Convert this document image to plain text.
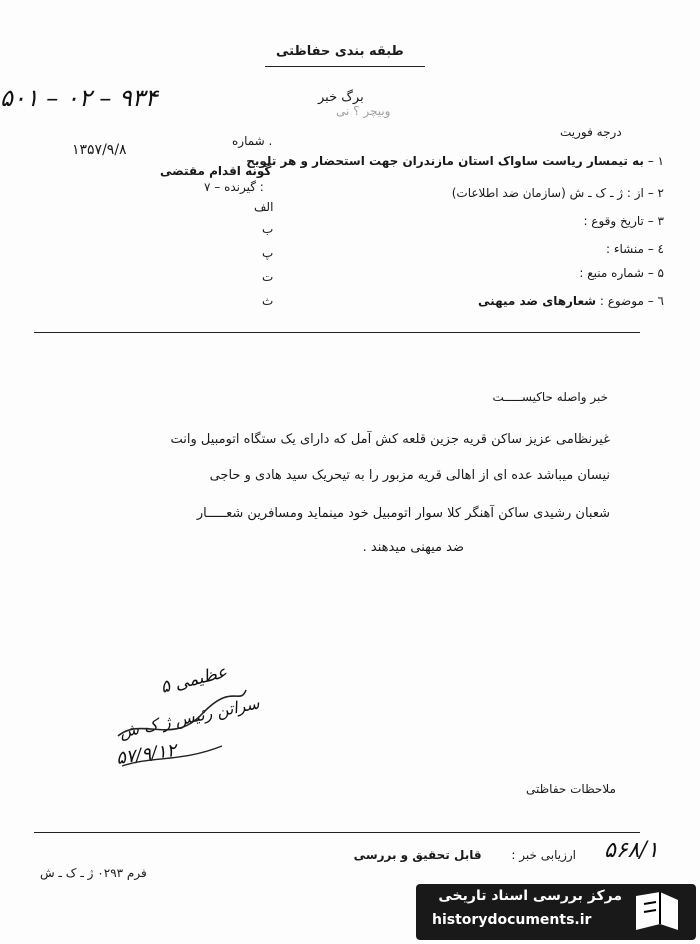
طبقه بندی حفاظتی
۵۰۱ – ۰۲ – ۹۳۴
۱۳۵۷/۹/۸
برگ خبر
وبیچر ؟ نی
درجه فوریت
شماره .
۱ – به تیمسار ریاست ساواک استان مازندران جهت استحضار و هر تلویح
گونه اقدام مقتضی
۲ – از : ژ ـ ک ـ ش (سازمان ضد اطلاعات)
۳ – تاریخ وقوع :
٤ – منشاء :
۵ – شماره منبع :
٦ – موضوع : شعارهای ضد میهنی
۷ – گیرنده :
الف
ب
پ
ت
ث
خبر واصله حاکیســـــت
غیرنظامی عزیز ساکن قریه جزین قلعه کش آمل که دارای یک ستگاه اتومبیل وانت
نیسان میباشد عده ای از اهالی قریه مزبور را به تیحریک سید هادی و حاجی
شعبان رشیدی ساکن آهنگر کلا سوار اتومبیل خود مینماید ومسافرین شعـــــار
ضد میهنی میدهند .
۵ عظیمی
سراتن رئیس ژ ک ش
۵۷/۹/۱۲
ملاحظات حفاظتی
ارزیابی خبر : قابل تحقیق و بررسی	۵۶۸/۱
فرم ۰۲۹۳ ژ ـ ک ـ ش
مرکز بررسی اسناد تاریخی
historydocuments.ir
